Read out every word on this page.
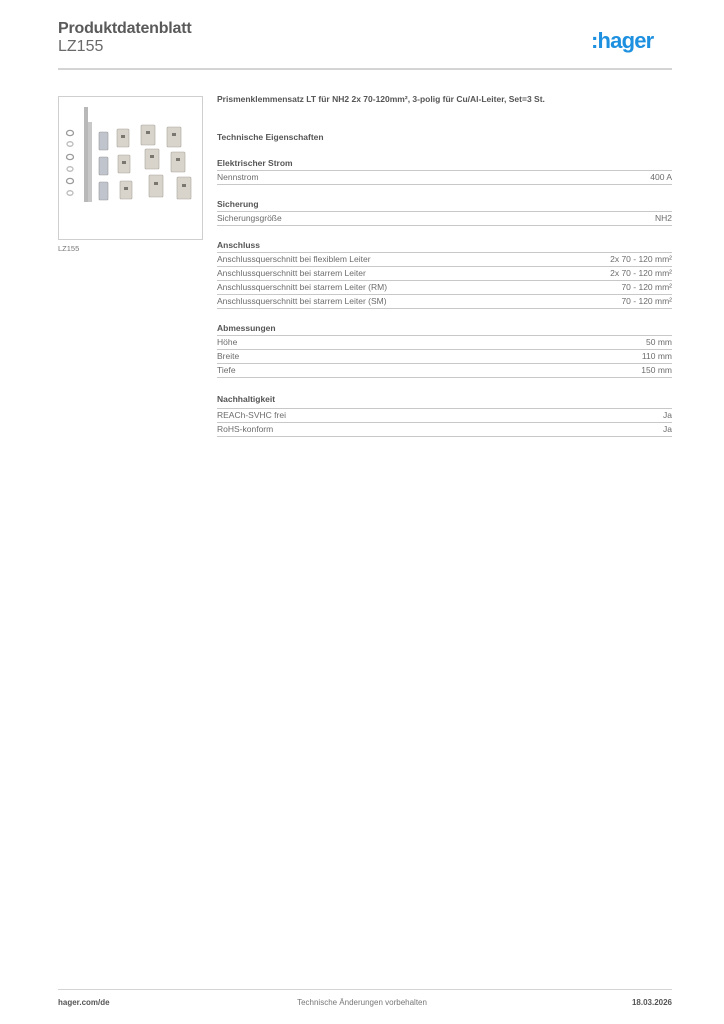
Produktdatenblatt
LZ155	:hager
LZ155
Prismenklemmensatz LT für NH2 2x 70-120mm², 3-polig für Cu/Al-Leiter, Set=3 St.
Technische Eigenschaften
Elektrischer Strom
Nennstrom	400 A
Sicherung
Sicherungsgröße	NH2
Anschluss
Anschlussquerschnitt bei flexiblem Leiter	2x 70 - 120 mm²
Anschlussquerschnitt bei starrem Leiter	2x 70 - 120 mm²
Anschlussquerschnitt bei starrem Leiter (RM)	70 - 120 mm²
Anschlussquerschnitt bei starrem Leiter (SM)	70 - 120 mm²
Abmessungen
Höhe	50 mm
Breite	110 mm
Tiefe	150 mm
Nachhaltigkeit
REACh-SVHC frei	Ja
RoHS-konform	Ja
hager.com/de	Technische Änderungen vorbehalten	18.03.2026
